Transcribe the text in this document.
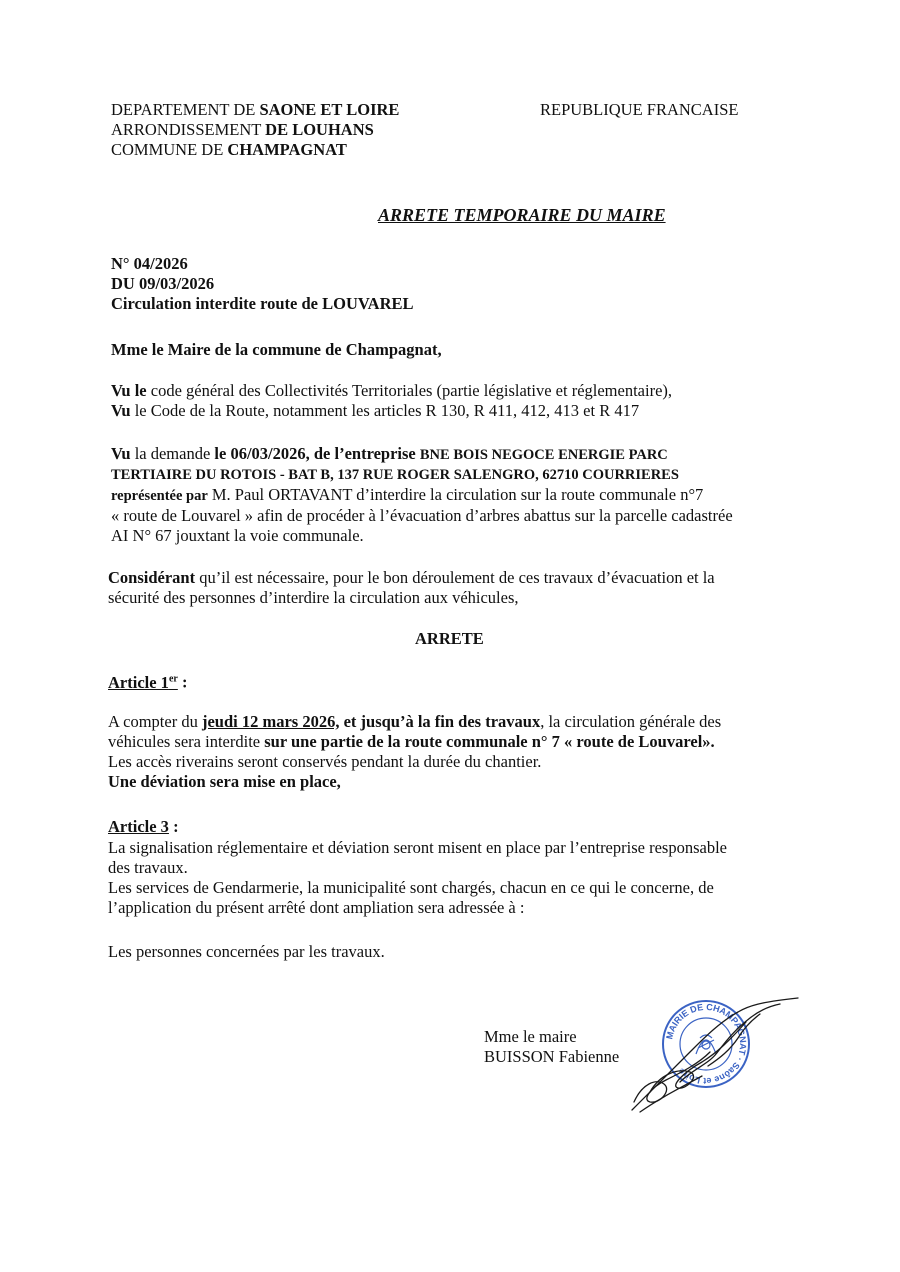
DEPARTEMENT DE SAONE ET LOIRE

ARRONDISSEMENT DE LOUHANS

COMMUNE DE CHAMPAGNAT

REPUBLIQUE FRANCAISE

ARRETE TEMPORAIRE DU MAIRE

N° 04/2026

DU 09/03/2026

Circulation interdite route de LOUVAREL

Mme le Maire de la commune de Champagnat,

Vu le code général des Collectivités Territoriales (partie législative et réglementaire),

Vu le Code de la Route, notamment les articles R 130, R 411, 412, 413 et R 417

Vu la demande le 06/03/2026, de l’entreprise BNE BOIS NEGOCE ENERGIE PARC

TERTIAIRE DU ROTOIS - BAT B, 137 RUE ROGER SALENGRO, 62710 COURRIERES

représentée par M. Paul ORTAVANT d’interdire la circulation sur la route communale n°7

« route de Louvarel » afin de procéder à l’évacuation d’arbres abattus sur la parcelle cadastrée

AI N° 67 jouxtant la voie communale.

Considérant qu’il est nécessaire, pour le bon déroulement de ces travaux d’évacuation et la

sécurité des personnes d’interdire la circulation aux véhicules,

ARRETE

Article 1er :

A compter du jeudi 12 mars 2026, et jusqu’à la fin des travaux, la circulation générale des

véhicules sera interdite sur une partie de la route communale n° 7 « route de Louvarel».

Les accès riverains seront conservés pendant la durée du chantier.

Une déviation sera mise en place,

Article 3 :

La signalisation réglementaire et déviation seront misent en place par l’entreprise responsable

des travaux.

Les services de Gendarmerie, la municipalité sont chargés, chacun en ce qui le concerne, de

l’application du présent arrêté dont ampliation sera adressée à :

Les personnes concernées par les travaux.

Mme le maire

BUISSON Fabienne

MAIRIE DE CHAMPAGNAT · Saône et Loire
